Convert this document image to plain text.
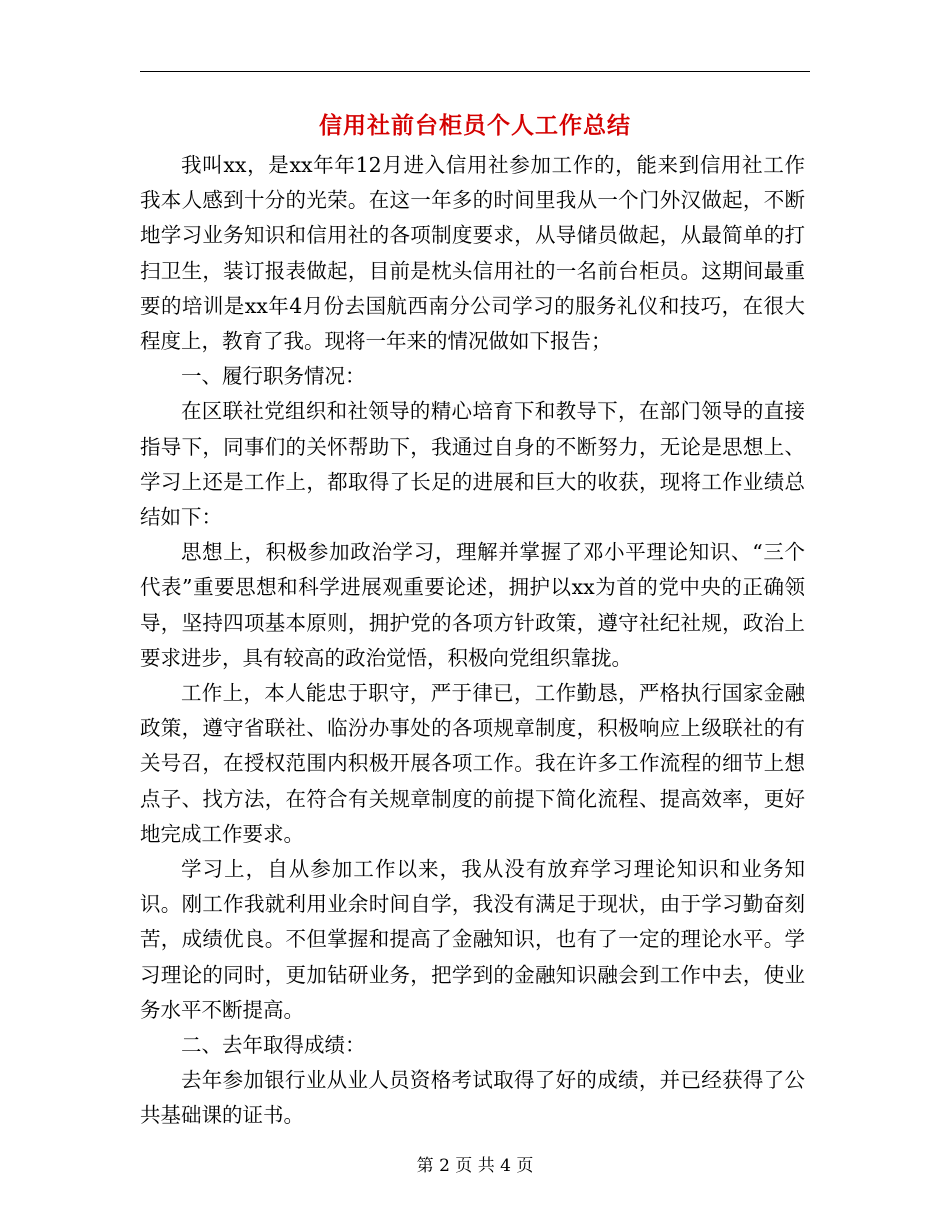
信用社前台柜员个人工作总结

我叫xx，是xx年年12月进入信用社参加工作的，能来到信用社工作我本人感到十分的光荣。在这一年多的时间里我从一个门外汉做起，不断地学习业务知识和信用社的各项制度要求，从导储员做起，从最简单的打扫卫生，装订报表做起，目前是枕头信用社的一名前台柜员。这期间最重要的培训是xx年4月份去国航西南分公司学习的服务礼仪和技巧，在很大程度上，教育了我。现将一年来的情况做如下报告；

一、履行职务情况：

在区联社党组织和社领导的精心培育下和教导下，在部门领导的直接指导下，同事们的关怀帮助下，我通过自身的不断努力，无论是思想上、学习上还是工作上，都取得了长足的进展和巨大的收获，现将工作业绩总结如下：

思想上，积极参加政治学习，理解并掌握了邓小平理论知识、“三个代表”重要思想和科学进展观重要论述，拥护以xx为首的党中央的正确领导，坚持四项基本原则，拥护党的各项方针政策，遵守社纪社规，政治上要求进步，具有较高的政治觉悟，积极向党组织靠拢。

工作上，本人能忠于职守，严于律已，工作勤恳，严格执行国家金融政策，遵守省联社、临汾办事处的各项规章制度，积极响应上级联社的有关号召，在授权范围内积极开展各项工作。我在许多工作流程的细节上想点子、找方法，在符合有关规章制度的前提下简化流程、提高效率，更好地完成工作要求。

学习上，自从参加工作以来，我从没有放弃学习理论知识和业务知识。刚工作我就利用业余时间自学，我没有满足于现状，由于学习勤奋刻苦，成绩优良。不但掌握和提高了金融知识，也有了一定的理论水平。学习理论的同时，更加钻研业务，把学到的金融知识融会到工作中去，使业务水平不断提高。

二、去年取得成绩：

去年参加银行业从业人员资格考试取得了好的成绩，并已经获得了公共基础课的证书。

第 2 页 共 4 页
